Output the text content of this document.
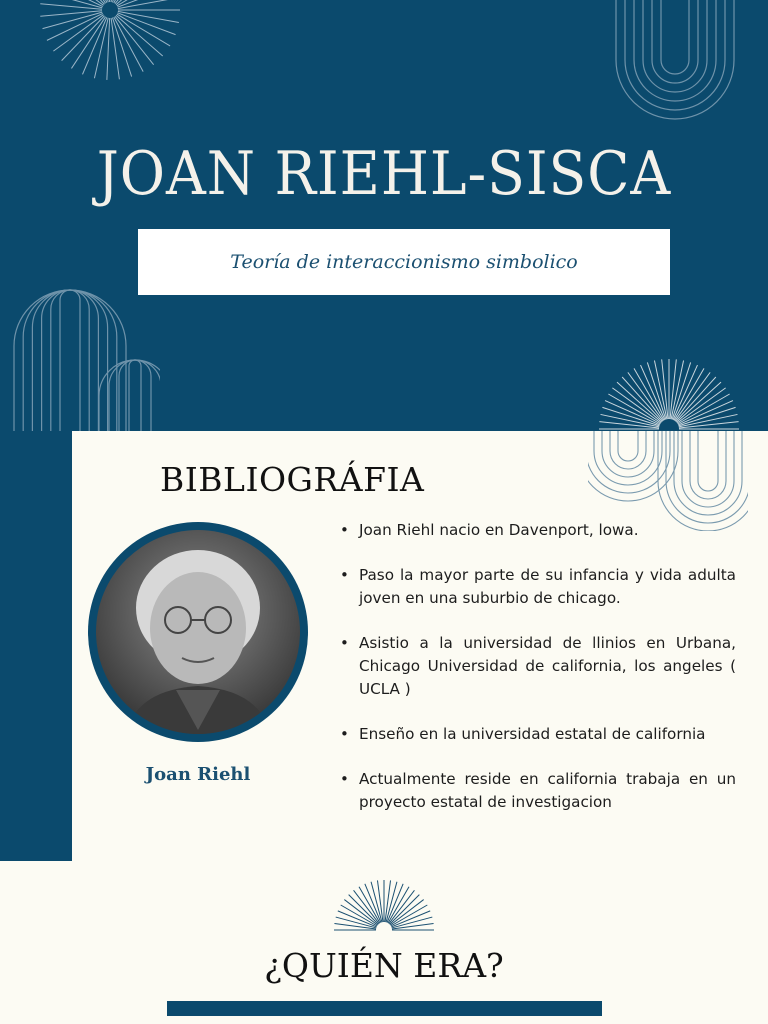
JOAN RIEHL-SISCA
Teoría de interaccionismo simbolico
BIBLIOGRÁFIA
Joan Riehl
• Joan Riehl nacio en Davenport, lowa.
• Paso la mayor parte de su infancia y vida adulta joven en una suburbio de chicago.
• Asistio a la universidad de llinios en Urbana, Chicago Universidad de california, los angeles ( UCLA )
• Enseño en la universidad estatal de california
• Actualmente reside en california trabaja en un proyecto estatal de investigacion
¿QUIÉN ERA?
